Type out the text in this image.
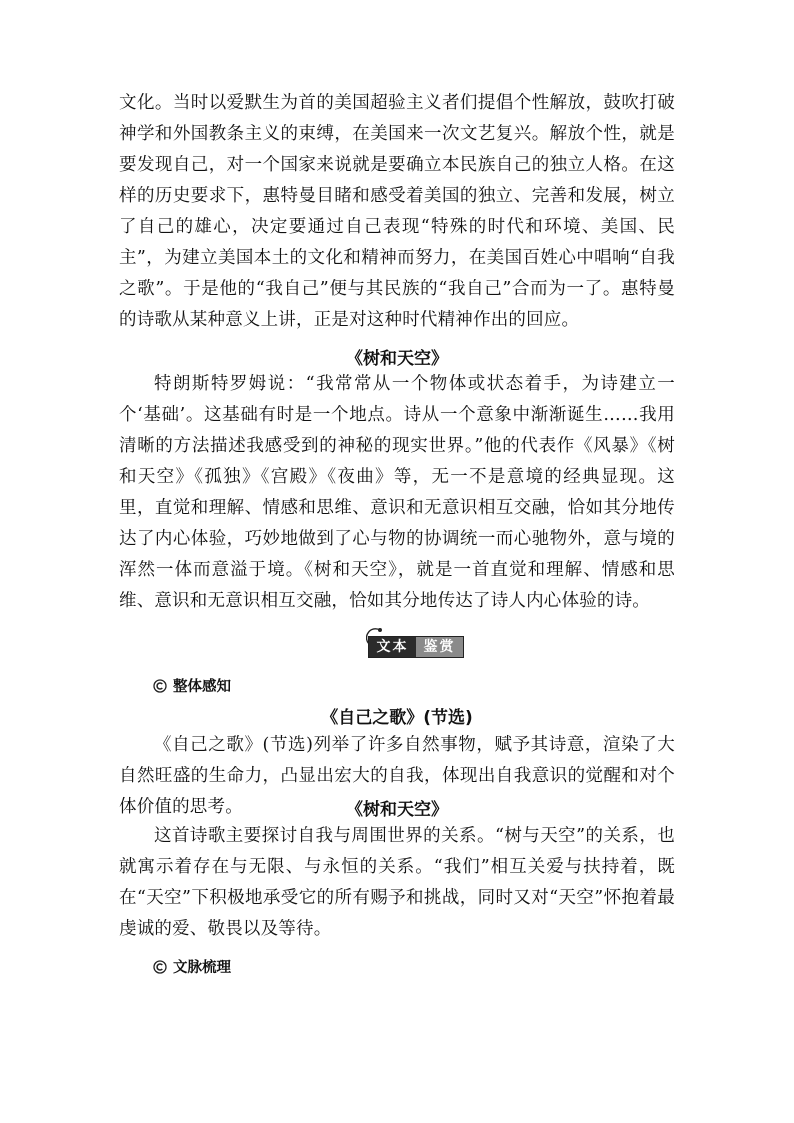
文化。当时以爱默生为首的美国超验主义者们提倡个性解放，鼓吹打破神学和外国教条主义的束缚，在美国来一次文艺复兴。解放个性，就是要发现自己，对一个国家来说就是要确立本民族自己的独立人格。在这样的历史要求下，惠特曼目睹和感受着美国的独立、完善和发展，树立了自己的雄心，决定要通过自己表现“特殊的时代和环境、美国、民主”，为建立美国本土的文化和精神而努力，在美国百姓心中唱响“自我之歌”。于是他的“我自己”便与其民族的“我自己”合而为一了。惠特曼的诗歌从某种意义上讲，正是对这种时代精神作出的回应。

《树和天空》

特朗斯特罗姆说：“我常常从一个物体或状态着手，为诗建立一个‘基础’。这基础有时是一个地点。诗从一个意象中渐渐诞生……我用清晰的方法描述我感受到的神秘的现实世界。”他的代表作《风暴》《树和天空》《孤独》《宫殿》《夜曲》等，无一不是意境的经典显现。这里，直觉和理解、情感和思维、意识和无意识相互交融，恰如其分地传达了内心体验，巧妙地做到了心与物的协调统一而心驰物外，意与境的浑然一体而意溢于境。《树和天空》，就是一首直觉和理解、情感和思维、意识和无意识相互交融，恰如其分地传达了诗人内心体验的诗。

文本	鉴赏
整体感知

《自己之歌》(节选)

《自己之歌》(节选)列举了许多自然事物，赋予其诗意，渲染了大自然旺盛的生命力，凸显出宏大的自我，体现出自我意识的觉醒和对个体价值的思考。	《树和天空》

这首诗歌主要探讨自我与周围世界的关系。“树与天空”的关系，也就寓示着存在与无限、与永恒的关系。“我们”相互关爱与扶持着，既在“天空”下积极地承受它的所有赐予和挑战，同时又对“天空”怀抱着最虔诚的爱、敬畏以及等待。

文脉梳理
